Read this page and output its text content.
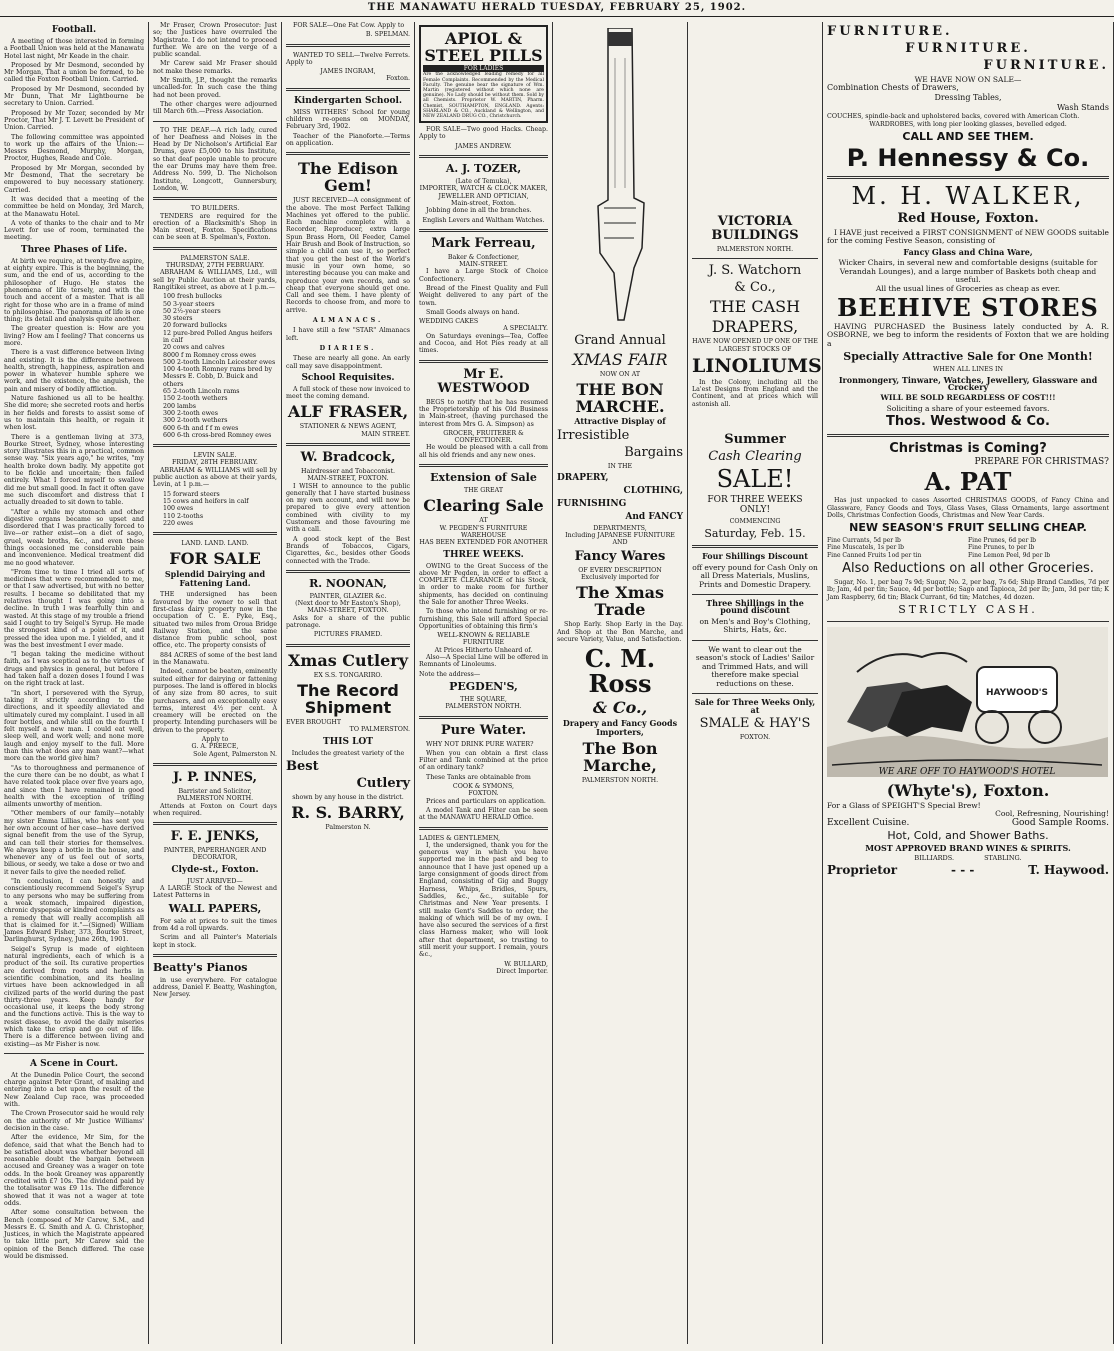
THE MANAWATU HERALD TUESDAY, FEBRUARY 25, 1902.
Football.

A meeting of those interested in forming a Football Union was held at the Manawatu Hotel last night, Mr Keade in the chair.

Proposed by Mr Desmond, seconded by Mr Morgan, That a union be formed, to be called the Foxton Football Union. Carried.

Proposed by Mr Desmond, seconded by Mr Dunn, That Mr Lightbourne be secretary to Union. Carried.

Proposed by Mr Tozer, seconded by Mr Proctor, That Mr J. T. Levett be President of Union. Carried.

The following committee was appointed to work up the affairs of the Union:—Messrs Desmond, Murphy, Morgan, Proctor, Hughes, Reade and Cole.

Proposed by Mr Morgan, seconded by Mr Desmond, That the secretary be empowered to buy necessary stationery. Carried.

It was decided that a meeting of the committee be held on Monday, 3rd March, at the Manawatu Hotel.

A vote of thanks to the chair and to Mr Levett for use of room, terminated the meeting.

Three Phases of Life.

At birth we require, at twenty-five aspire, at eighty expire. This is the beginning, the sum, and the end of us, according to the philosopher of Hugo. He states the phenomena of life tersely, and with the touch and accent of a master. That is all right for those who are in a frame of mind to philosophise. The panorama of life is one thing; its detail and analysis quite another.

The greater question is: How are you living? How am I feeling? That concerns us more.

There is a vast difference between living and existing. It is the difference between health, strength, happiness, aspiration and power in whatever humble sphere we work, and the existence, the anguish, the pain and misery of bodily affliction.

Nature fashioned us all to be healthy. She did more; she secreted roots and herbs in her fields and forests to assist some of us to maintain this health, or regain it when lost.

There is a gentleman living at 373, Bourke Street, Sydney, whose interesting story illustrates this in a practical, common sense way. "Six years ago," he writes, "my health broke down badly. My appetite got to be fickle and uncertain; then failed entirely. What I forced myself to swallow did me but small good. In fact it often gave me such discomfort and distress that I actually dreaded to sit down to table.

"After a while my stomach and other digestive organs became so upset and disordered that I was practically forced to live—or rather exist—on a diet of sago, gruel, weak broths, &c., and even these things occasioned me considerable pain and inconvenience. Medical treatment did me no good whatever.

"From time to time I tried all sorts of medicines that were recommended to me, or that I saw advertised, but with no better results. I became so debilitated that my relatives thought I was going into a decline. In truth I was fearfully thin and wasted. At this stage of my trouble a friend said I ought to try Seigel's Syrup. He made the strongest kind of a point of it, and pressed the idea upon me. I yielded, and it was the best investment I ever made.

"I began taking the medicine without faith, as I was sceptical as to the virtues of drugs and physics in general, but before I had taken half a dozen doses I found I was on the right track at last.

"In short, I persevered with the Syrup, taking it strictly according to the directions, and it speedily alleviated and ultimately cured my complaint. I used in all four bottles, and while still on the fourth I felt myself a new man. I could eat well, sleep well, and work well; and none more laugh and enjoy myself to the full. More than this what does any man want?—what more can the world give him?

"As to thoroughness and permanence of the cure there can be no doubt, as what I have related took place over five years ago, and since then I have remained in good health with the exception of trifling ailments unworthy of mention.

"Other members of our family—notably my sister Emma Lillias, who has sent you her own account of her case—have derived signal benefit from the use of the Syrup, and can tell their stories for themselves. We always keep a bottle in the house, and whenever any of us feel out of sorts, bilious, or seedy, we take a dose or two and it never fails to give the needed relief.

"In conclusion, I can honestly and conscientiously recommend Seigel's Syrup to any persons who may be suffering from a weak stomach, impaired digestion, chronic dyspepsia or kindred complaints as a remedy that will really accomplish all that is claimed for it."—(Signed) William James Edward Fisher, 373, Bourke Street, Darlinghurst, Sydney, June 26th, 1901.

Seigel's Syrup is made of eighteen natural ingredients, each of which is a product of the soil. Its curative properties are derived from roots and herbs in scientific combination, and its healing virtues have been acknowledged in all civilized parts of the world during the past thirty-three years. Keep handy for occasional use, it keeps the body strong and the functions active. This is the way to resist disease, to avoid the daily miseries which take the crisp and go out of life. There is a difference between living and existing—as Mr Fisher is now.

A Scene in Court.

At the Dunedin Police Court, the second charge against Peter Grant, of making and entering into a bet upon the result of the New Zealand Cup race, was proceeded with.

The Crown Prosecutor said he would rely on the authority of Mr Justice Williams' decision in the case.

After the evidence, Mr Sim, for the defence, said that what the Bench had to be satisfied about was whether beyond all reasonable doubt the bargain between accused and Greaney was a wager on tote odds. In the book Greaney was apparently credited with £7 10s. The dividend paid by the totalisator was £9 11s. The difference showed that it was not a wager at tote odds.

After some consultation between the Bench (composed of Mr Carew, S.M., and Messrs E. G. Smith and A. G. Christopher, Justices, in which the Magistrate appeared to take little part, Mr Carew said the opinion of the Bench differed. The case would be dismissed.

Mr Fraser, Crown Prosecutor: Just so; the Justices have overruled the Magistrate. I do not intend to proceed further. We are on the verge of a public scandal.

Mr Carew said Mr Fraser should not make these remarks.

Mr Smith, J.P., thought the remarks uncalled-for. In such case the thing had not been proved.

The other charges were adjourned till March 6th.—Press Association.

TO THE DEAF.—A rich lady, cured of her Deafness and Noises in the Head by Dr Nicholson's Artificial Ear Drums, gave £5,000 to his Institute, so that deaf people unable to procure the ear Drums may have them free. Address No. 599, D. The Nicholson Institute, Longcott, Gunnersbury, London, W.

TO BUILDERS.

TENDERS are required for the erection of a Blacksmith's Shop in Main street, Foxton. Specifications can be seen at B. Spelman's, Foxton.

PALMERSTON SALE.
THURSDAY, 27TH FEBRUARY.

ABRAHAM & WILLIAMS, Ltd., will sell by Public Auction at their yards, Rangitikei street, as above at 1 p.m.—

100 fresh bullocks
50 3-year steers
50 2½-year steers
30 steers
20 forward bullocks
12 pure-bred Polled Angus heifers in calf
20 cows and calves
8000 f m Romney cross ewes
500 2-tooth Lincoln Leicester ewes
100 4-tooth Romney rams bred by Messrs E. Cobb, D. Buick and others
65 2-tooth Lincoln rams
150 2-tooth wethers
200 lambs
300 2-tooth ewes
300 2-tooth wethers
600 6-th and f f m ewes
600 6-th cross-bred Romney ewes
LEVIN SALE.
FRIDAY, 28TH FEBRUARY.

ABRAHAM & WILLIAMS will sell by public auction as above at their yards, Levin, at 1 p.m.—

15 forward steers
15 cows and heifers in calf
100 ewes
110 2-tooths
220 ewes
LAND. LAND. LAND.
FOR SALE
Splendid Dairying and Fattening Land.

THE undersigned has been favoured by the owner to sell that first-class dairy property now in the occupation of C. E. Pyke, Esq., situated two miles from Oroua Bridge Railway Station, and the same distance from public school, post office, etc. The property consists of

884 ACRES of some of the best land in the Manawatu.

Indeed, cannot be beaten, eminently suited either for dairying or fattening purposes. The land is offered in blocks of any size from 80 acres, to suit purchasers, and on exceptionally easy terms, interest 4½ per cent. A creamery will be erected on the property. Intending purchasers will be driven to the property.

Apply to
G. A. PREECE,
Sole Agent, Palmerston N.
J. P. INNES,
Barrister and Solicitor,
PALMERSTON NORTH.

Attends at Foxton on Court days when required.

F. E. JENKS,
PAINTER, PAPERHANGER AND DECORATOR,
Clyde-st., Foxton.
JUST ARRIVED—

A LARGE Stock of the Newest and Latest Patterns in

WALL PAPERS,

For sale at prices to suit the times from 4d a roll upwards.

Scrim and all Painter's Materials kept in stock.

Beatty's Pianos

in use everywhere. For catalogue address, Daniel F. Beatty, Washington, New Jersey.

FOR SALE—One Fat Cow. Apply to

B. SPELMAN.

WANTED TO SELL—Twelve Ferrets. Apply to

JAMES INGRAM,
Foxton.
Kindergarten School.

MISS WITHERS' School for young children re-opens on MONDAY, February 3rd, 1902.

Teacher of the Pianoforte.—Terms on application.

The Edison Gem!

JUST RECEIVED—A consignment of the above. The most Perfect Talking Machines yet offered to the public. Each machine complete with a Recorder, Reproducer, extra large Spun Brass Horn, Oil Feeder, Camel Hair Brush and Book of Instruction, so simple a child can use it, so perfect that you get the best of the World's music in your own home, so interesting because you can make and reproduce your own records, and so cheap that everyone should get one. Call and see them. I have plenty of Records to choose from, and more to arrive.

ALMANACS.

I have still a few "STAR" Almanacs left.

DIARIES.

These are nearly all gone. An early call may save disappointment.

School Requisites.

A full stock of these now invoiced to meet the coming demand.

ALF FRASER,
STATIONER & NEWS AGENT,
MAIN STREET.
W. Bradcock,
Hairdresser and Tobacconist.
MAIN-STREET, FOXTON.

I WISH to announce to the public generally that I have started business on my own account, and will now be prepared to give every attention combined with civility to my Customers and those favouring me with a call.

A good stock kept of the Best Brands of Tobaccos, Cigars, Cigarettes, &c., besides other Goods connected with the Trade.

R. NOONAN,
PAINTER, GLAZIER &c.
(Next door to Mr Easton's Shop), MAIN-STREET, FOXTON.

Asks for a share of the public patronage.

PICTURES FRAMED.
Xmas Cutlery
EX S.S. TONGARIRO.
The Record Shipment
EVER BROUGHT
TO PALMERSTON.
THIS LOT
Includes the greatest variety of the
Best
Cutlery
shown by any house in the district.
R. S. BARRY,
Palmerston N.
APIOL & STEEL PILLS
FOR LADIES
Are the acknowledged leading remedy for all Female Complaints. Recommended by the Medical Faculty. The genuine bear the signature of Wm. Martin (registered without which none are genuine). No Lady should be without them. Sold by all Chemists. Proprietor W. MARTIN, Pharm. Chemist, SOUTHAMPTON, ENGLAND. Agents: SHARLAND & CO., Auckland & Wellington, and NEW ZEALAND DRUG CO., Christchurch.

FOR SALE—Two good Hacks. Cheap. Apply to

JAMES ANDREW.
A. J. TOZER,
(Late of Temuka),
IMPORTER, WATCH & CLOCK MAKER,
JEWELLER AND OPTICIAN,
Main-street, Foxton.

Jobbing done in all the branches.

English Levers and Waltham Watches.
Mark Ferreau,
Baker & Confectioner,
MAIN-STREET.

I have a Large Stock of Choice Confectionery.

Bread of the Finest Quality and Full Weight delivered to any part of the town.

Small Goods always on hand.

WEDDING CAKES
A SPECIALTY.

On Saturdays evenings—Tea, Coffee and Cocoa, and Hot Pies ready at all times.

Mr E. WESTWOOD

BEGS to notify that he has resumed the Proprietorship of his Old Business in Main-street, (having purchased the interest from Mrs G. A. Simpson) as

GROCER, FRUITERER & CONFECTIONER.

He would be pleased with a call from all his old friends and any new ones.

Extension of Sale
THE GREAT
Clearing Sale
AT
W. PEGDEN'S FURNITURE WAREHOUSE
HAS BEEN EXTENDED FOR ANOTHER
THREE WEEKS.

OWING to the Great Success of the above Mr Pegden, in order to effect a COMPLETE CLEARANCE of his Stock, in order to make room for further shipments, has decided on continuing the Sale for another Three Weeks.

To those who intend furnishing or re-furnishing, this Sale will afford Special Opportunities of obtaining this firm's

WELL-KNOWN & RELIABLE FURNITURE
At Prices Hitherto Unheard of.

Also—A Special Line will be offered in Remnants of Linoleums.

Note the address—
PEGDEN'S,
THE SQUARE,
PALMERSTON NORTH.
Pure Water.

WHY NOT DRINK PURE WATER?

When you can obtain a first class Filter and Tank combined at the price of an ordinary tank?

These Tanks are obtainable from

COOK & SYMONS,
FOXTON.

Prices and particulars on application.

A model Tank and Filter can be seen at the MANAWATU HERALD Office.

LADIES & GENTLEMEN,

I, the undersigned, thank you for the generous way in which you have supported me in the past and beg to announce that I have just opened up a large consignment of goods direct from England, consisting of Gig and Buggy Harness, Whips, Bridles, Spurs, Saddles, &c., &c., suitable for Christmas and New Year presents. I still make Gent's Saddles to order, the making of which will be of my own. I have also secured the services of a first class Harness maker, who will look after that department, so trusting to still merit your support. I remain, yours &c.,

W. BULLARD,
Direct Importer.
Grand Annual
XMAS FAIR
NOW ON AT
THE BON MARCHE.
Attractive Display of
Irresistible
Bargains
IN THE
DRAPERY,
CLOTHING,
FURNISHING
And FANCY
DEPARTMENTS,
Including JAPANESE FURNITURE
AND
Fancy Wares
OF EVERY DESCRIPTION
Exclusively imported for
The Xmas Trade

Shop Early. Shop Early in the Day. And Shop at the Bon Marche, and secure Variety, Value, and Satisfaction.

C. M. Ross
& Co.,
Drapery and Fancy Goods Importers,
The Bon Marche,
PALMERSTON NORTH.
VICTORIA BUILDINGS
PALMERSTON NORTH.
J. S. Watchorn
& Co.,
THE CASH
DRAPERS,
HAVE NOW OPENED UP ONE OF THE LARGEST STOCKS OF
LINOLIUMS

In the Colony, including all the La'est Designs from England and the Continent, and at prices which will astonish all.

Summer
Cash Clearing
SALE!
FOR THREE WEEKS ONLY!
COMMENCING
Saturday, Feb. 15.
Four Shillings Discount
off every pound for Cash Only on all Dress Materials, Muslins, Prints and Domestic Drapery.
Three Shillings in the pound discount
on Men's and Boy's Clothing, Shirts, Hats, &c.
We want to clear out the season's stock of Ladies' Sailor and Trimmed Hats, and will therefore make special reductions on these.
Sale for Three Weeks Only, at
SMALE & HAY'S
FOXTON.
FURNITURE.
FURNITURE.
FURNITURE.
WE HAVE NOW ON SALE—
Combination Chests of Drawers,
Dressing Tables,
Wash Stands
COUCHES, spindle-back and upholstered backs, covered with American Cloth.
WARDROBES, with long pier looking glasses, bevelled edged.
CALL AND SEE THEM.
P. Hennessy & Co.
M. H. WALKER,
Red House, Foxton.

I HAVE just received a FIRST CONSIGNMENT of NEW GOODS suitable for the coming Festive Season, consisting of

Fancy Glass and China Ware,
Wicker Chairs, in several new and comfortable designs (suitable for Verandah Lounges), and a large number of Baskets both cheap and useful.
All the usual lines of Groceries as cheap as ever.
BEEHIVE STORES

HAVING PURCHASED the Business lately conducted by A. R. OSBORNE, we beg to inform the residents of Foxton that we are holding a

Specially Attractive Sale for One Month!
WHEN ALL LINES IN
Ironmongery, Tinware, Watches, Jewellery, Glassware and Crockery
WILL BE SOLD REGARDLESS OF COST!!!
Soliciting a share of your esteemed favors.
Thos. Westwood & Co.
Christmas is Coming?
PREPARE FOR CHRISTMAS?
A. PAT

Has just unpacked to cases Assorted CHRISTMAS GOODS, of Fancy China and Glassware, Fancy Goods and Toys, Glass Vases, Glass Ornaments, large assortment Dolls, Christmas Confection Goods, Christmas and New Year Cards.

NEW SEASON'S FRUIT SELLING CHEAP.
Fine Currants, 5d per lb	Fine Prunes, 6d per lb
Fine Muscatels, 1s per lb	Fine Prunes, to per lb
Fine Canned Fruits 1od per tin	Fine Lemon Peel, 9d per lb
Also Reductions on all other Groceries.

Sugar, No. 1, per bag 7s 9d; Sugar, No. 2, per bag, 7s 6d; Ship Brand Candles, 7d per lb; Jam, 4d per tin; Sauce, 4d per bottle; Sago and Tapioca, 2d per lb; Jam, 3d per tin; K Jam Raspberry, 6d tin; Black Currant, 6d tin; Matches, 4d dozen.

STRICTLY CASH.
HAYWOOD'S
WE ARE OFF TO HAYWOOD'S HOTEL
(Whyte's), Foxton.
For a Glass of SPEIGHT'S Special Brew!
Cool, Refresning, Nourishing!
Excellent Cuisine.	Good Sample Rooms.
Hot, Cold, and Shower Baths.
MOST APPROVED BRAND WINES & SPIRITS.
BILLIARDS.	STABLING.
Proprietor	- - -	T. Haywood.
